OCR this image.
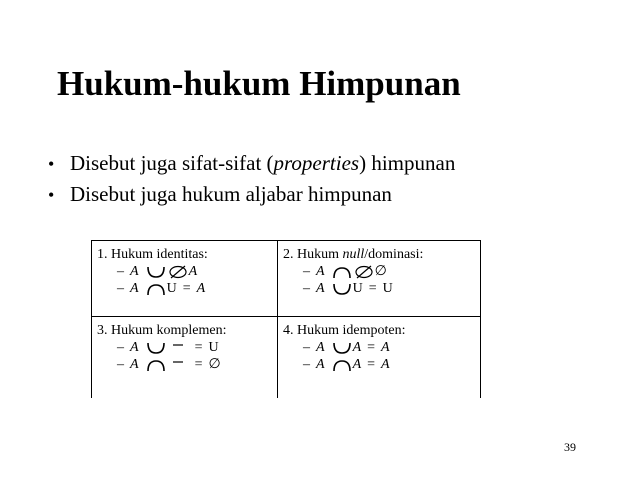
Hukum-hukum Himpunan
• Disebut juga sifat-sifat (properties) himpunan
• Disebut juga hukum aljabar himpunan
1. Hukum identitas:
– A	A
– A U = A
2. Hukum null/dominasi:
– A	∅
– A U = U
3. Hukum komplemen:
– A	= U
– A	= ∅
4. Hukum idempoten:
– A A = A
– A A = A
39
